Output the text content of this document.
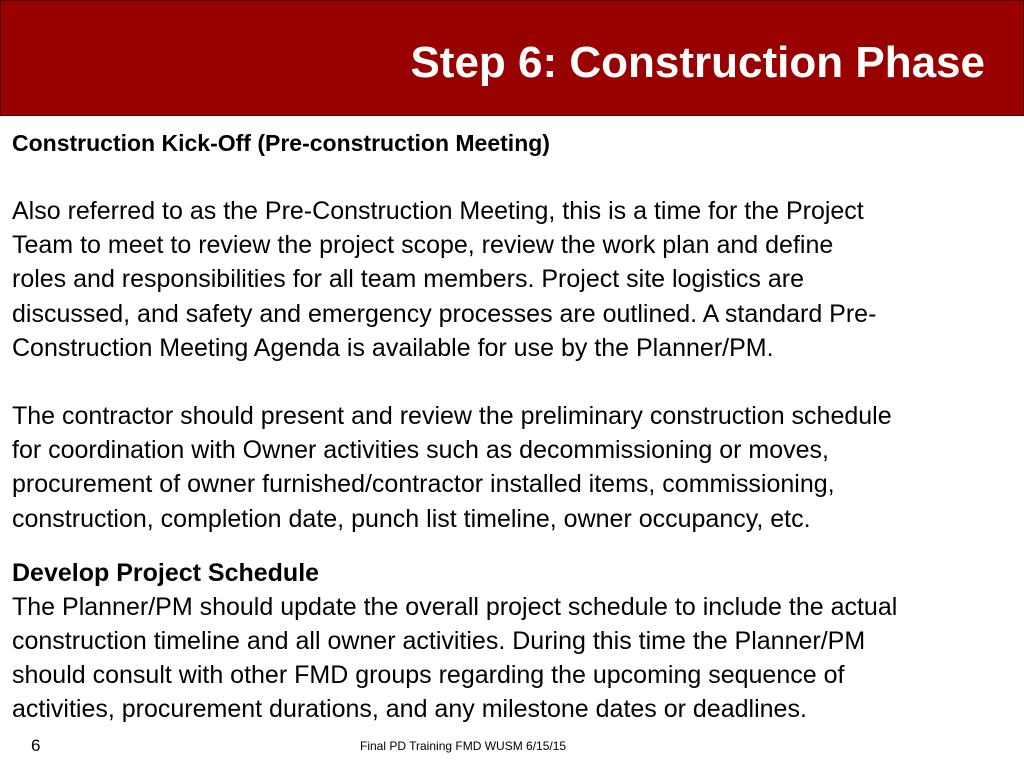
Step 6: Construction Phase

Construction Kick-Off (Pre-construction Meeting)

Also referred to as the Pre-Construction Meeting, this is a time for the Project

Team to meet to review the project scope, review the work plan and define

roles and responsibilities for all team members. Project site logistics are

discussed, and safety and emergency processes are outlined. A standard Pre-

Construction Meeting Agenda is available for use by the Planner/PM.

The contractor should present and review the preliminary construction schedule

for coordination with Owner activities such as decommissioning or moves,

procurement of owner furnished/contractor installed items, commissioning,

construction, completion date, punch list timeline, owner occupancy, etc.

Develop Project Schedule

The Planner/PM should update the overall project schedule to include the actual

construction timeline and all owner activities. During this time the Planner/PM

should consult with other FMD groups regarding the upcoming sequence of

activities, procurement durations, and any milestone dates or deadlines.

6	Final PD Training FMD WUSM 6/15/15
